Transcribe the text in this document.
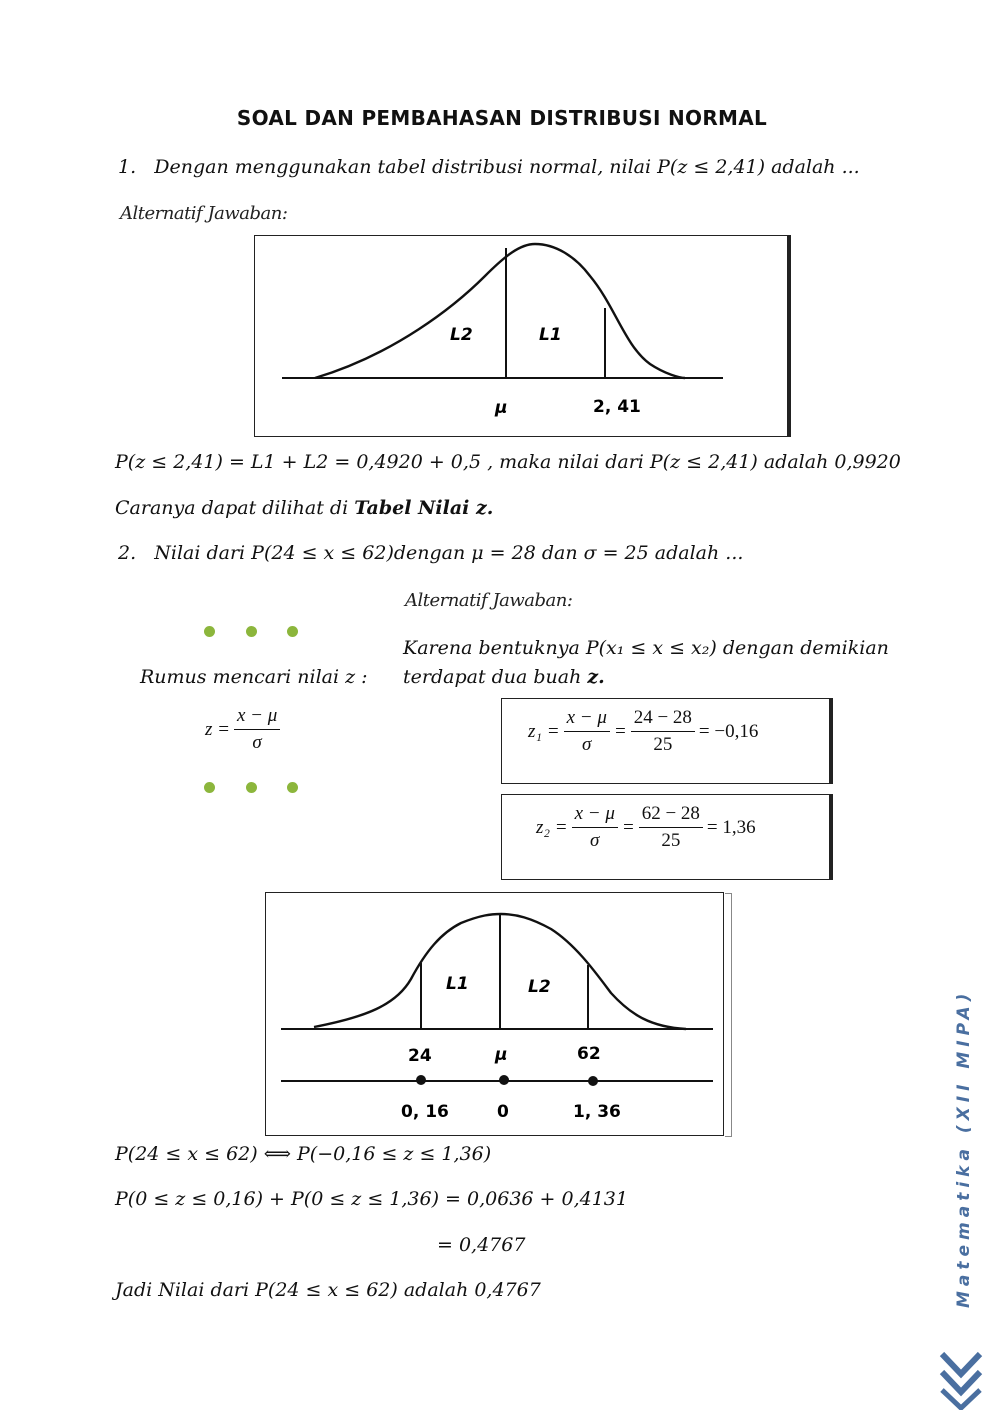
SOAL DAN PEMBAHASAN DISTRIBUSI NORMAL
1. Dengan menggunakan tabel distribusi normal, nilai P(z ≤ 2,41) adalah ...
Alternatif Jawaban:
L2	L1
μ	2, 41
P(z ≤ 2,41) = L1 + L2 = 0,4920 + 0,5 , maka nilai dari P(z ≤ 2,41) adalah 0,9920
Caranya dapat dilihat di Tabel Nilai z.
2. Nilai dari P(24 ≤ x ≤ 62)dengan μ = 28 dan σ = 25 adalah ...
Alternatif Jawaban:
Rumus mencari nilai z :
$z = \frac{x - \mu}{\sigma}$
Karena bentuknya P(x₁ ≤ x ≤ x₂) dengan demikian
terdapat dua buah z.
$z_1 = \frac{x - \mu}{\sigma} = \frac{24 - 28}{25} = -0,16$
$z_2 = \frac{x - \mu}{\sigma} = \frac{62 - 28}{25} = 1,36$
L1	L2
24	μ	62
0, 16	0	1, 36
P(24 ≤ x ≤ 62) ⟺ P(−0,16 ≤ z ≤ 1,36)
P(0 ≤ z ≤ 0,16) + P(0 ≤ z ≤ 1,36) = 0,0636 + 0,4131
= 0,4767
Jadi Nilai dari P(24 ≤ x ≤ 62) adalah 0,4767	Matematika (XII MIPA)
